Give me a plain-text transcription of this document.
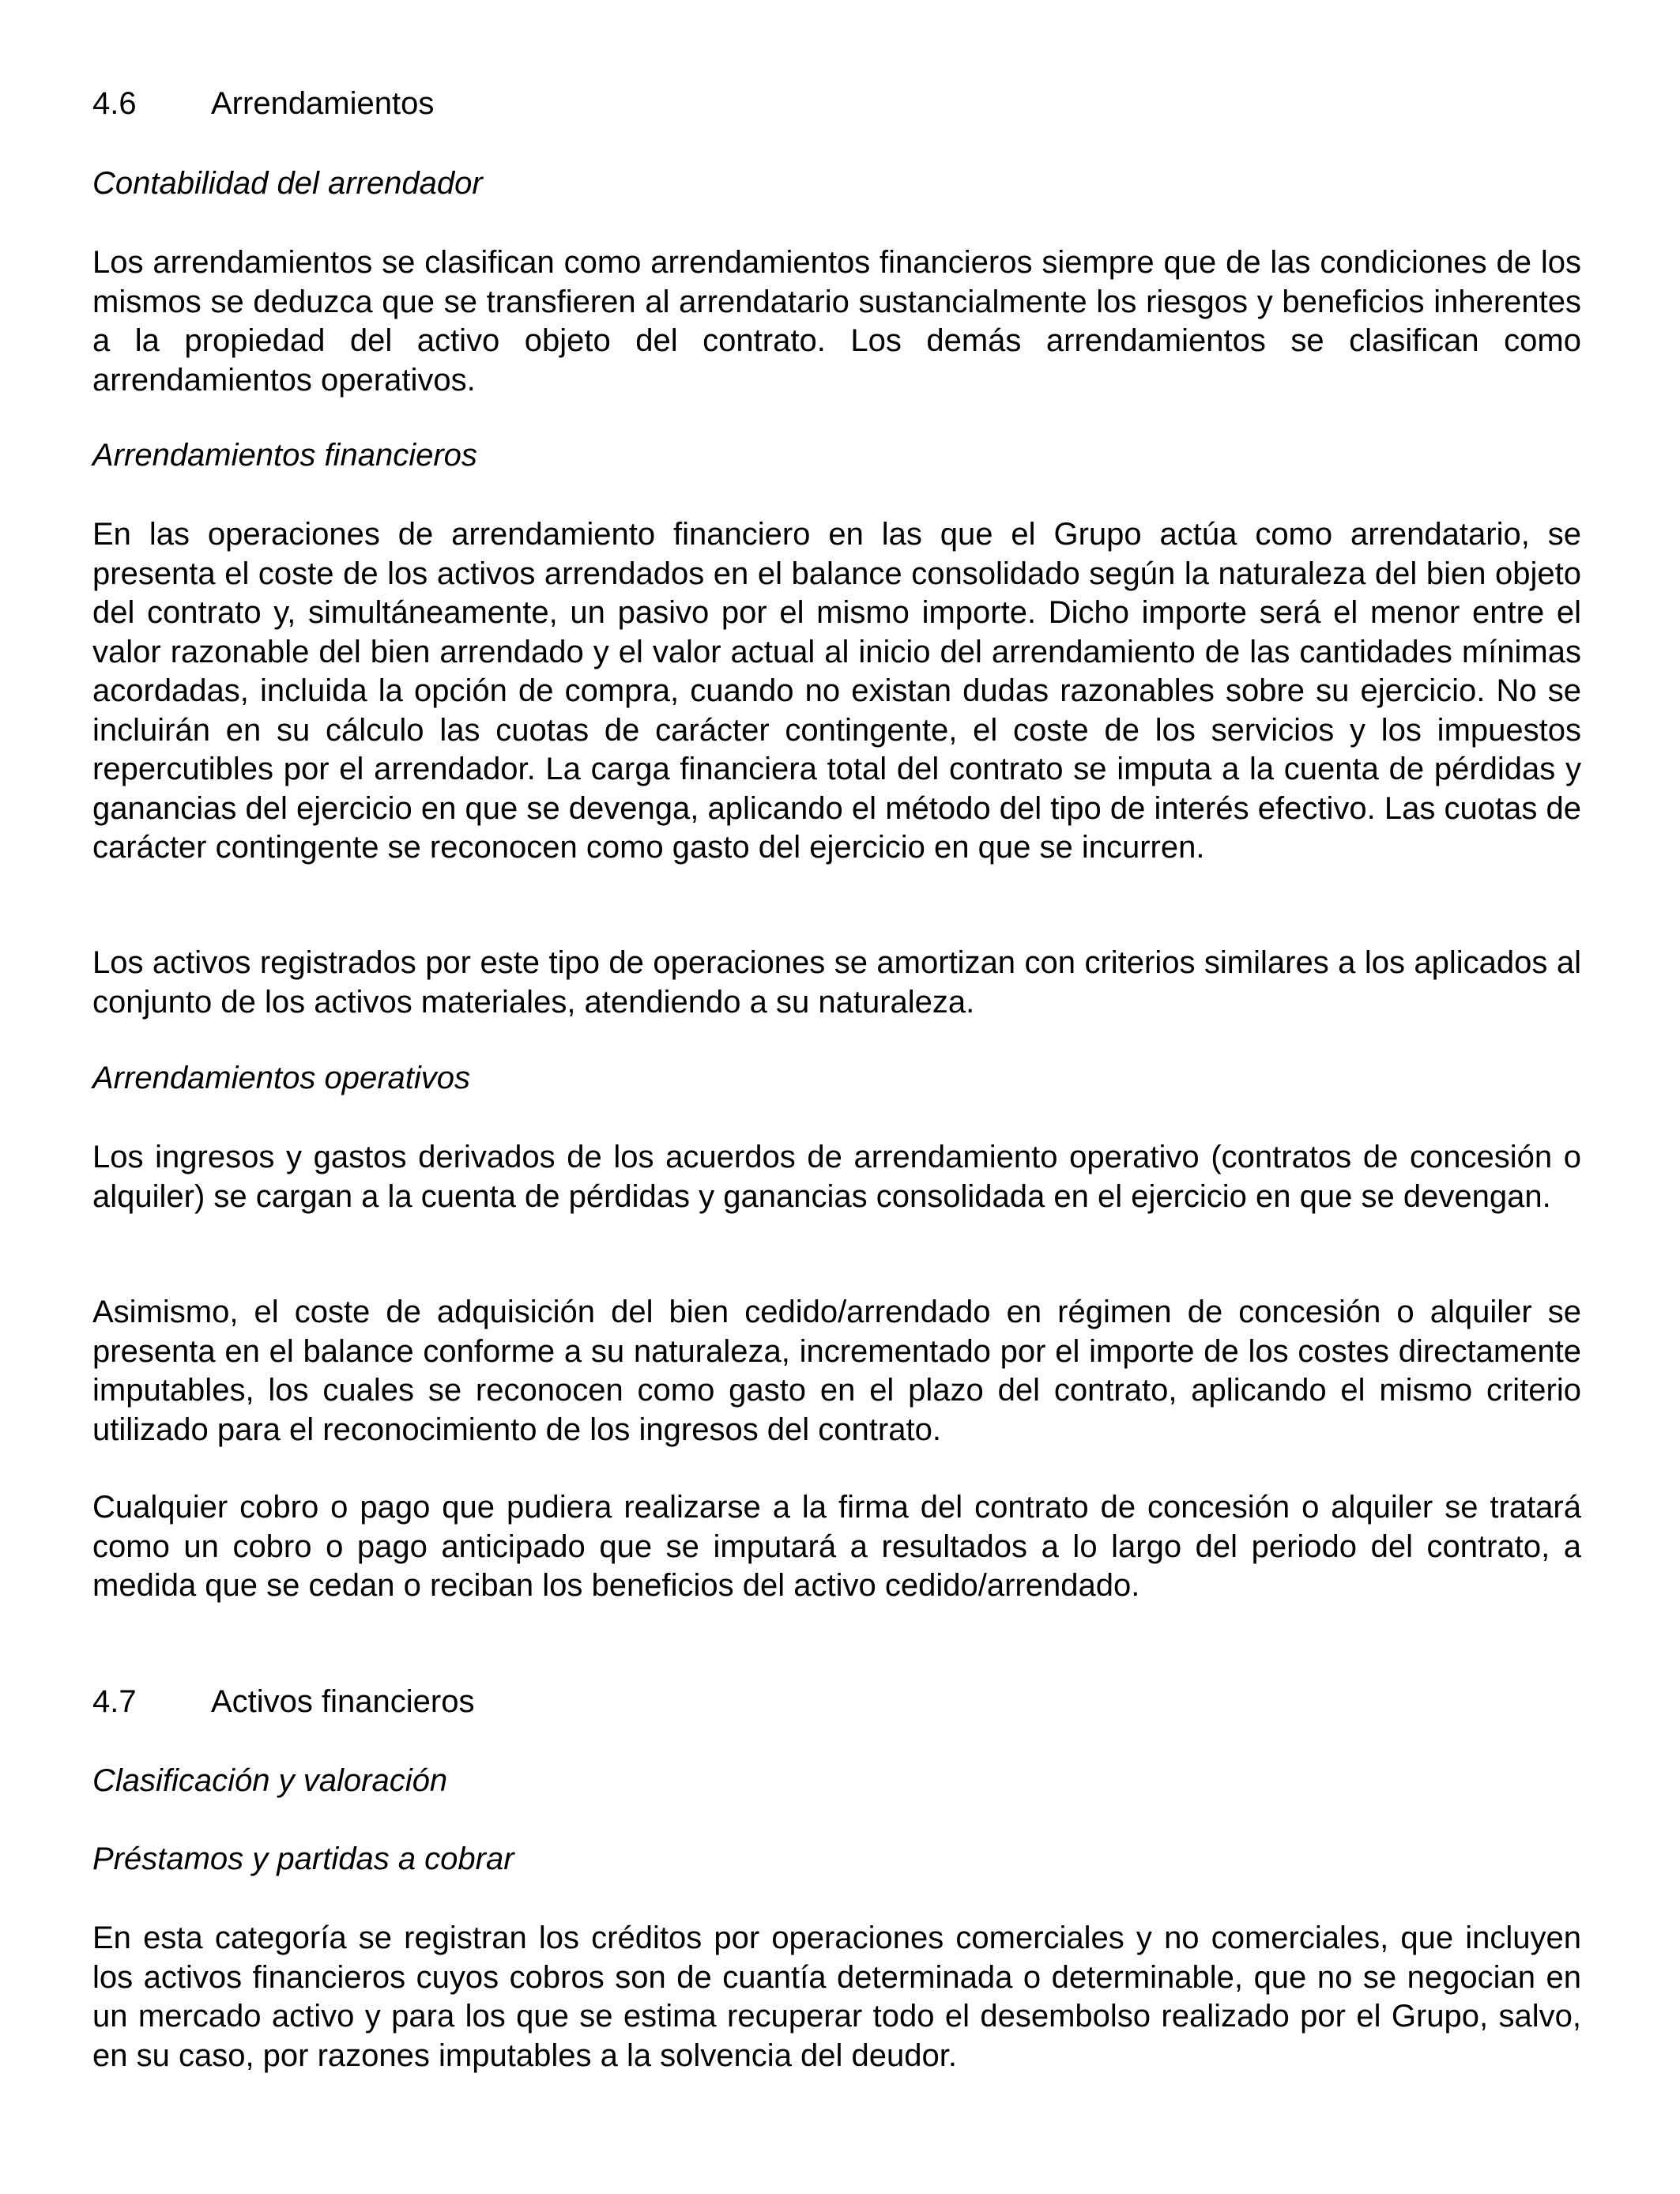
4.6 Arrendamientos
Contabilidad del arrendador

Los arrendamientos se clasifican como arrendamientos financieros siempre que de las condiciones de los mismos se deduzca que se transfieren al arrendatario sustancialmente los riesgos y beneficios inherentes a la propiedad del activo objeto del contrato. Los demás arrendamientos se clasifican como arrendamientos operativos.

Arrendamientos financieros

En las operaciones de arrendamiento financiero en las que el Grupo actúa como arrendatario, se presenta el coste de los activos arrendados en el balance consolidado según la naturaleza del bien objeto del contrato y, simultáneamente, un pasivo por el mismo importe. Dicho importe será el menor entre el valor razonable del bien arrendado y el valor actual al inicio del arrendamiento de las cantidades mínimas acordadas, incluida la opción de compra, cuando no existan dudas razonables sobre su ejercicio. No se incluirán en su cálculo las cuotas de carácter contingente, el coste de los servicios y los impuestos repercutibles por el arrendador. La carga financiera total del contrato se imputa a la cuenta de pérdidas y ganancias del ejercicio en que se devenga, aplicando el método del tipo de interés efectivo. Las cuotas de carácter contingente se reconocen como gasto del ejercicio en que se incurren.

Los activos registrados por este tipo de operaciones se amortizan con criterios similares a los aplicados al conjunto de los activos materiales, atendiendo a su naturaleza.

Arrendamientos operativos

Los ingresos y gastos derivados de los acuerdos de arrendamiento operativo (contratos de concesión o alquiler) se cargan a la cuenta de pérdidas y ganancias consolidada en el ejercicio en que se devengan.

Asimismo, el coste de adquisición del bien cedido/arrendado en régimen de concesión o alquiler se presenta en el balance conforme a su naturaleza, incrementado por el importe de los costes directamente imputables, los cuales se reconocen como gasto en el plazo del contrato, aplicando el mismo criterio utilizado para el reconocimiento de los ingresos del contrato.

Cualquier cobro o pago que pudiera realizarse a la firma del contrato de concesión o alquiler se tratará como un cobro o pago anticipado que se imputará a resultados a lo largo del periodo del contrato, a medida que se cedan o reciban los beneficios del activo cedido/arrendado.

4.7 Activos financieros
Clasificación y valoración
Préstamos y partidas a cobrar

En esta categoría se registran los créditos por operaciones comerciales y no comerciales, que incluyen los activos financieros cuyos cobros son de cuantía determinada o determinable, que no se negocian en un mercado activo y para los que se estima recuperar todo el desembolso realizado por el Grupo, salvo, en su caso, por razones imputables a la solvencia del deudor.
